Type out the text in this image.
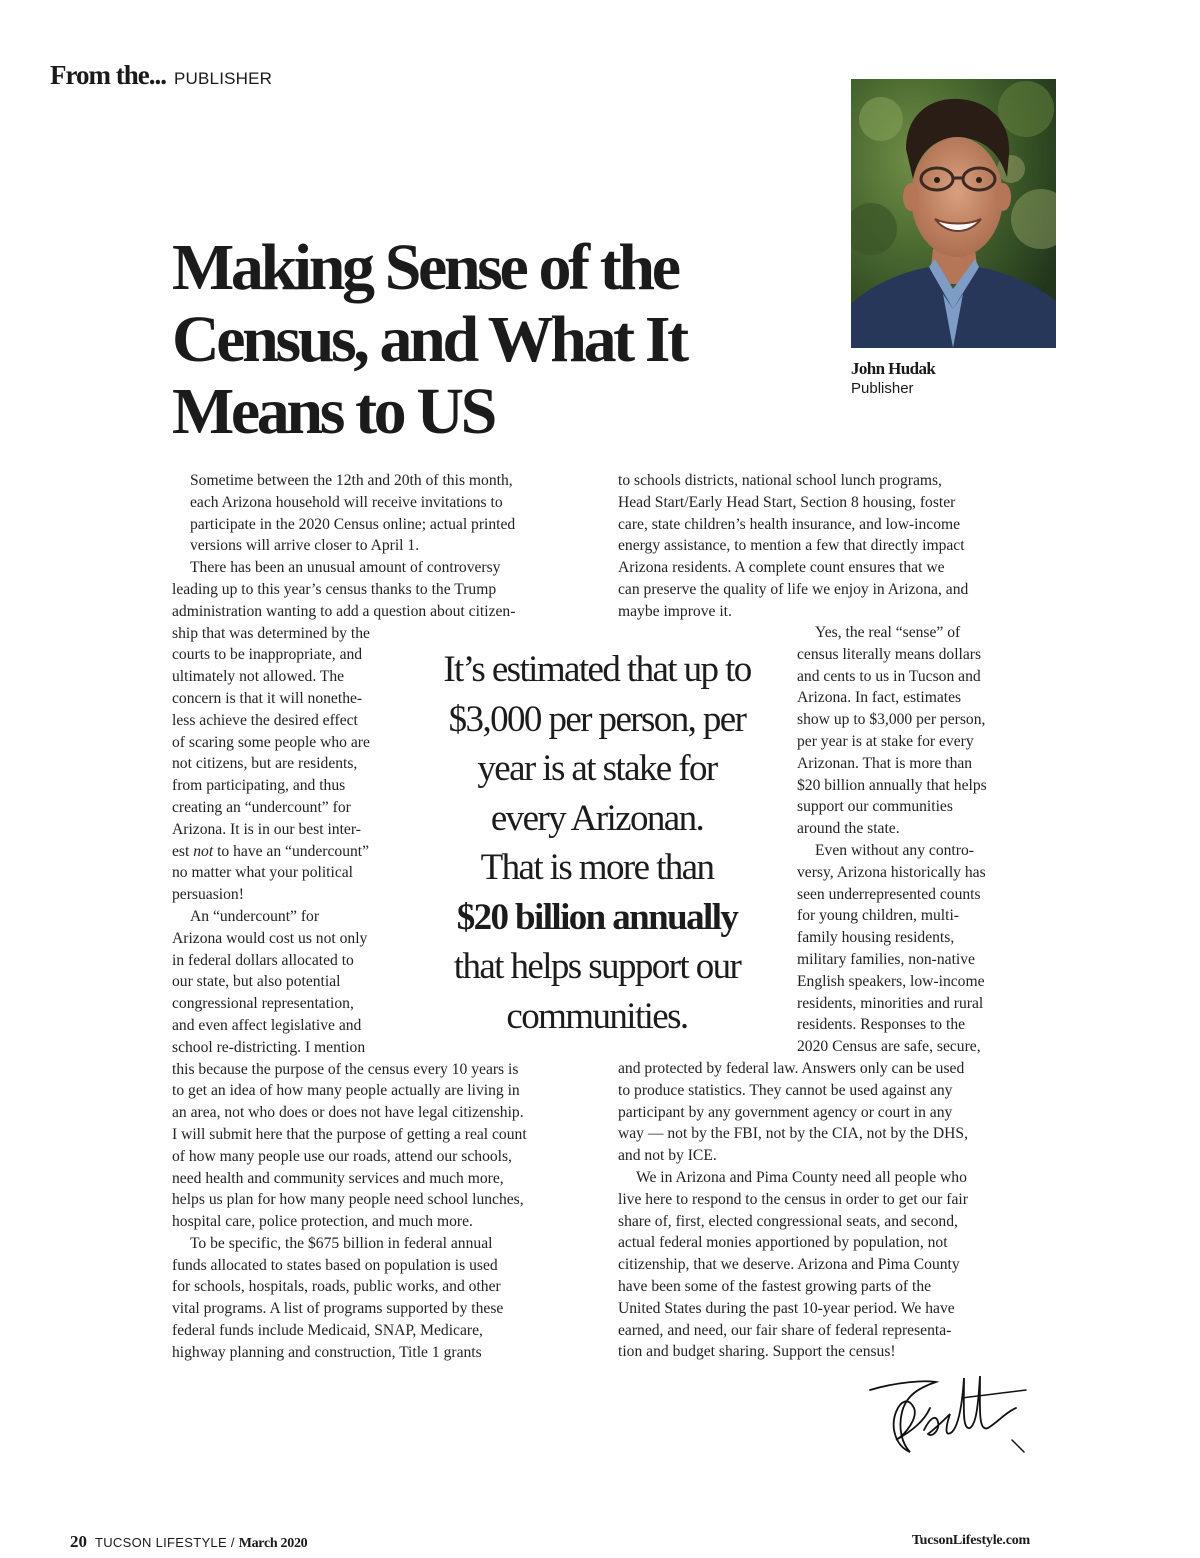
From the... PUBLISHER
Making Sense of the
Census, and What It
Means to US
John Hudak
Publisher

Sometime between the 12th and 20th of this month,
each Arizona household will receive invitations to
participate in the 2020 Census online; actual printed
versions will arrive closer to April 1.

There has been an unusual amount of controversy
leading up to this year’s census thanks to the Trump
administration wanting to add a question about citizen-
ship that was determined by the
courts to be inappropriate, and
ultimately not allowed. The
concern is that it will nonethe-
less achieve the desired effect
of scaring some people who are
not citizens, but are residents,
from participating, and thus
creating an “undercount” for
Arizona. It is in our best inter-
est not to have an “undercount”
no matter what your political
persuasion!

An “undercount” for
Arizona would cost us not only
in federal dollars allocated to
our state, but also potential
congressional representation,
and even affect legislative and
school re-districting. I mention
this because the purpose of the census every 10 years is
to get an idea of how many people actually are living in
an area, not who does or does not have legal citizenship.
I will submit here that the purpose of getting a real count
of how many people use our roads, attend our schools,
need health and community services and much more,
helps us plan for how many people need school lunches,
hospital care, police protection, and much more.

To be specific, the $675 billion in federal annual
funds allocated to states based on population is used
for schools, hospitals, roads, public works, and other
vital programs. A list of programs supported by these
federal funds include Medicaid, SNAP, Medicare,
highway planning and construction, Title 1 grants

to schools districts, national school lunch programs,
Head Start/Early Head Start, Section 8 housing, foster
care, state children’s health insurance, and low-income
energy assistance, to mention a few that directly impact
Arizona residents. A complete count ensures that we
can preserve the quality of life we enjoy in Arizona, and
maybe improve it.

Yes, the real “sense” of
census literally means dollars
and cents to us in Tucson and
Arizona. In fact, estimates
show up to $3,000 per person,
per year is at stake for every
Arizonan. That is more than
$20 billion annually that helps
support our communities
around the state.

Even without any contro-
versy, Arizona historically has
seen underrepresented counts
for young children, multi-
family housing residents,
military families, non-native
English speakers, low-income
residents, minorities and rural
residents. Responses to the
2020 Census are safe, secure,

and protected by federal law. Answers only can be used
to produce statistics. They cannot be used against any
participant by any government agency or court in any
way — not by the FBI, not by the CIA, not by the DHS,
and not by ICE.

We in Arizona and Pima County need all people who
live here to respond to the census in order to get our fair
share of, first, elected congressional seats, and second,
actual federal monies apportioned by population, not
citizenship, that we deserve. Arizona and Pima County
have been some of the fastest growing parts of the
United States during the past 10-year period. We have
earned, and need, our fair share of federal representa-
tion and budget sharing. Support the census!

It’s estimated that up to
$3,000 per person, per
year is at stake for
every Arizonan.
That is more than
$20 billion annually
that helps support our
communities.
20 TUCSON LIFESTYLE / March 2020	TucsonLifestyle.com
